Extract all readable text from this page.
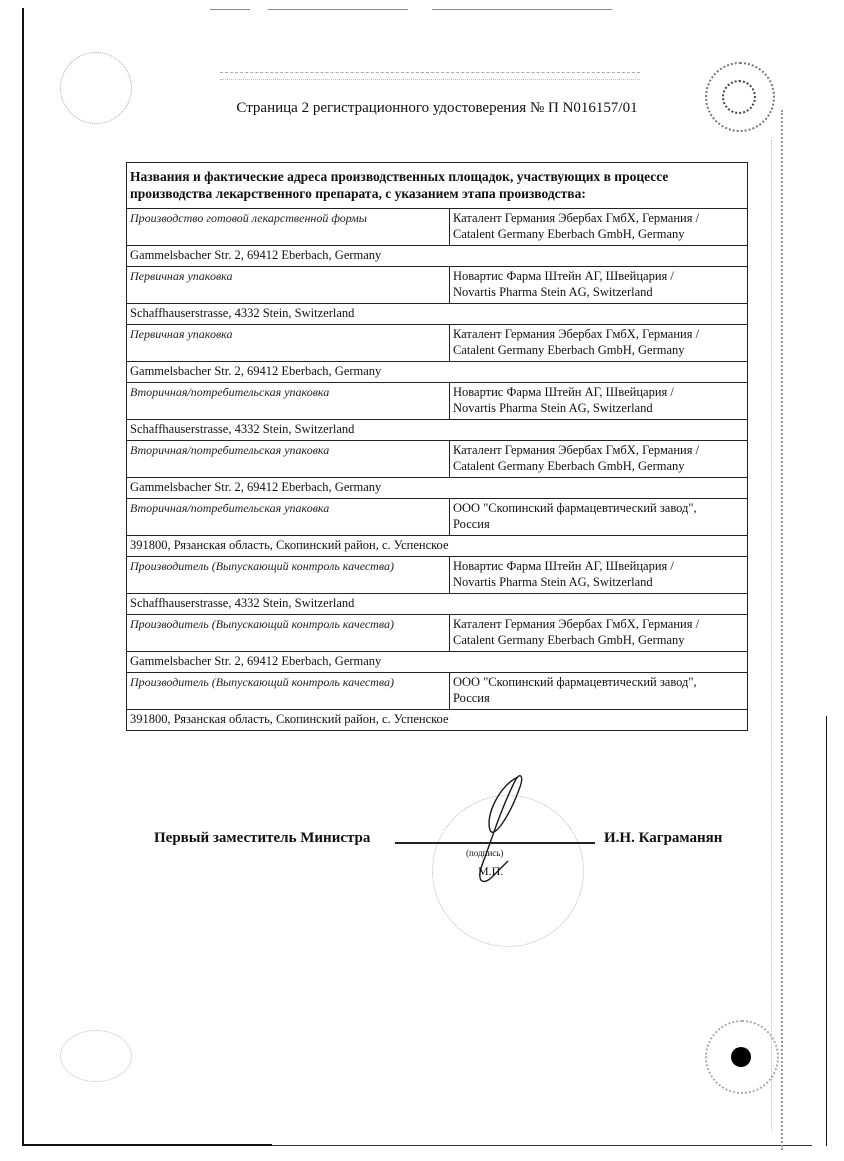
Страница 2 регистрационного удостоверения № П N016157/01
Названия и фактические адреса производственных площадок, участвующих в процессе производства лекарственного препарата, с указанием этапа производства:	
Производство готовой лекарственной формы	Каталент Германия Эбербах ГмбХ, Германия /
Catalent Germany Eberbach GmbH, Germany
Gammelsbacher Str. 2, 69412 Eberbach, Germany	
Первичная упаковка	Новартис Фарма Штейн АГ, Швейцария /
Novartis Pharma Stein AG, Switzerland
Schaffhauserstrasse, 4332 Stein, Switzerland	
Первичная упаковка	Каталент Германия Эбербах ГмбХ, Германия /
Catalent Germany Eberbach GmbH, Germany
Gammelsbacher Str. 2, 69412 Eberbach, Germany	
Вторичная/потребительская упаковка	Новартис Фарма Штейн АГ, Швейцария /
Novartis Pharma Stein AG, Switzerland
Schaffhauserstrasse, 4332 Stein, Switzerland	
Вторичная/потребительская упаковка	Каталент Германия Эбербах ГмбХ, Германия /
Catalent Germany Eberbach GmbH, Germany
Gammelsbacher Str. 2, 69412 Eberbach, Germany	
Вторичная/потребительская упаковка	ООО "Скопинский фармацевтический завод",
Россия
391800, Рязанская область, Скопинский район, с. Успенское	
Производитель (Выпускающий контроль качества)	Новартис Фарма Штейн АГ, Швейцария /
Novartis Pharma Stein AG, Switzerland
Schaffhauserstrasse, 4332 Stein, Switzerland	
Производитель (Выпускающий контроль качества)	Каталент Германия Эбербах ГмбХ, Германия /
Catalent Germany Eberbach GmbH, Germany
Gammelsbacher Str. 2, 69412 Eberbach, Germany	
Производитель (Выпускающий контроль качества)	ООО "Скопинский фармацевтический завод",
Россия
391800, Рязанская область, Скопинский район, с. Успенское	
Первый заместитель Министра
(подпись)
М.П.
И.Н. Каграманян
